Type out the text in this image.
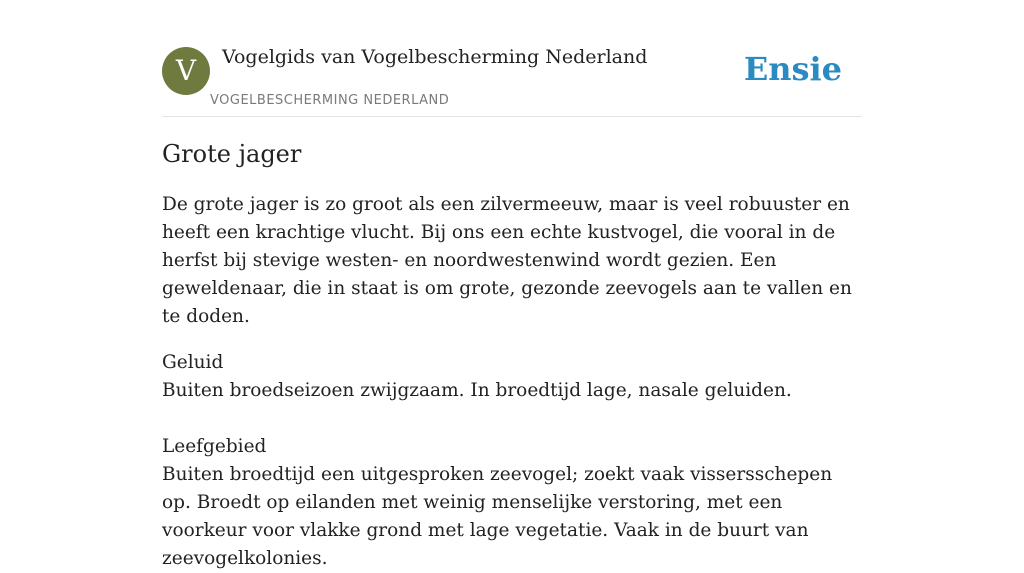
V	Vogelgids van Vogelbescherming Nederland
VOGELBESCHERMING NEDERLAND
Ensie
Grote jager

De grote jager is zo groot als een zilvermeeuw, maar is veel robuuster en heeft een krachtige vlucht. Bij ons een echte kustvogel, die vooral in de herfst bij stevige westen- en noordwestenwind wordt gezien. Een geweldenaar, die in staat is om grote, gezonde zeevogels aan te vallen en te doden.

Geluid
Buiten broedseizoen zwijgzaam. In broedtijd lage, nasale geluiden.
Leefgebied
Buiten broedtijd een uitgesproken zeevogel; zoekt vaak vissersschepen op. Broedt op eilanden met weinig menselijke verstoring, met een voorkeur voor vlakke grond met lage vegetatie. Vaak in de buurt van zeevogelkolonies.
